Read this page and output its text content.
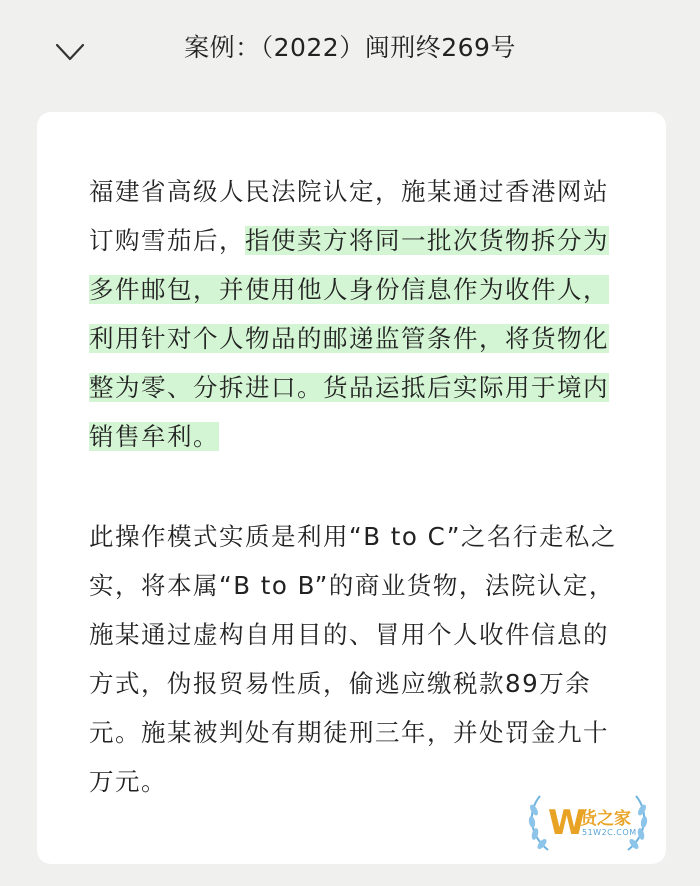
案例：（2022）闽刑终269号
福建省高级人民法院认定，施某通过香港网站订购雪茄后，指使卖方将同一批次货物拆分为多件邮包，并使用他人身份信息作为收件人，利用针对个人物品的邮递监管条件，将货物化整为零、分拆进口。货品运抵后实际用于境内销售牟利。
此操作模式实质是利用“B to C”之名行走私之实，将本属“B to B”的商业货物，法院认定，施某通过虚构自用目的、冒用个人收件信息的方式，伪报贸易性质，偷逃应缴税款89万余元。施某被判处有期徒刑三年，并处罚金九十万元。
W
货之家
51W2C.COM
